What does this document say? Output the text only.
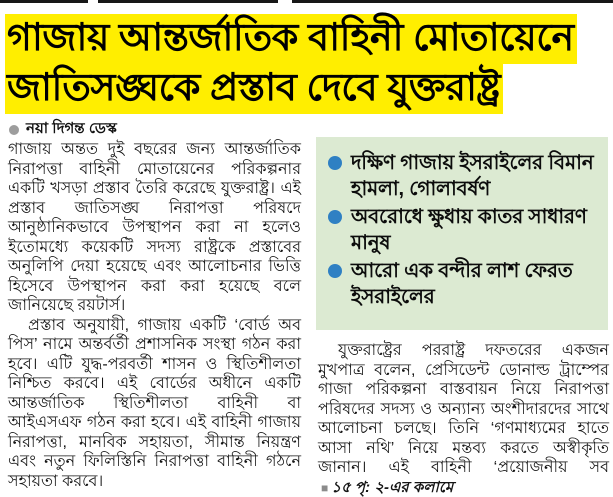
গাজায় আন্তর্জাতিক বাহিনী মোতায়েনে
জাতিসঙ্ঘকে প্রস্তাব দেবে যুক্তরাষ্ট্র
নয়া দিগন্ত ডেস্ক

গাজায় অন্তত দুই বছরের জন্য আন্তর্জাতিক নিরাপত্তা বাহিনী মোতায়েনের পরিকল্পনার একটি খসড়া প্রস্তাব তৈরি করেছে যুক্তরাষ্ট্র। এই প্রস্তাব জাতিসঙ্ঘ নিরাপত্তা পরিষদে আনুষ্ঠানিকভাবে উপস্থাপন করা না হলেও ইতোমধ্যে কয়েকটি সদস্য রাষ্ট্রকে প্রস্তাবের অনুলিপি দেয়া হয়েছে এবং আলোচনার ভিত্তি হিসেবে উপস্থাপন করা করা হয়েছে বলে জানিয়েছে রয়টার্স।

প্রস্তাব অনুযায়ী, গাজায় একটি ‘বোর্ড অব পিস’ নামে অন্তর্বর্তী প্রশাসনিক সংস্থা গঠন করা হবে। এটি যুদ্ধ-পরবর্তী শাসন ও স্থিতিশীলতা নিশ্চিত করবে। এই বোর্ডের অধীনে একটি আন্তর্জাতিক স্থিতিশীলতা বাহিনী বা আইএসএফ গঠন করা হবে। এই বাহিনী গাজায় নিরাপত্তা, মানবিক সহায়তা, সীমান্ত নিয়ন্ত্রণ এবং নতুন ফিলিস্তিনি নিরাপত্তা বাহিনী গঠনে সহায়তা করবে।

দক্ষিণ গাজায় ইসরাইলের বিমান হামলা, গোলাবর্ষণ
অবরোধে ক্ষুধায় কাতর সাধারণ মানুষ
আরো এক বন্দীর লাশ ফেরত ইসরাইলের

যুক্তরাষ্ট্রের পররাষ্ট্র দফতরের একজন মুখপাত্র বলেন, প্রেসিডেন্ট ডোনাল্ড ট্রাম্পের গাজা পরিকল্পনা বাস্তবায়ন নিয়ে নিরাপত্তা পরিষদের সদস্য ও অন্যান্য অংশীদারদের সাথে আলোচনা চলছে। তিনি ‘গণমাধ্যমের হাতে আসা নথি’ নিয়ে মন্তব্য করতে অস্বীকৃতি জানান। এই বাহিনী ‘প্রয়োজনীয় সব ■ ১৫ পৃ: ২-এর কলামে
